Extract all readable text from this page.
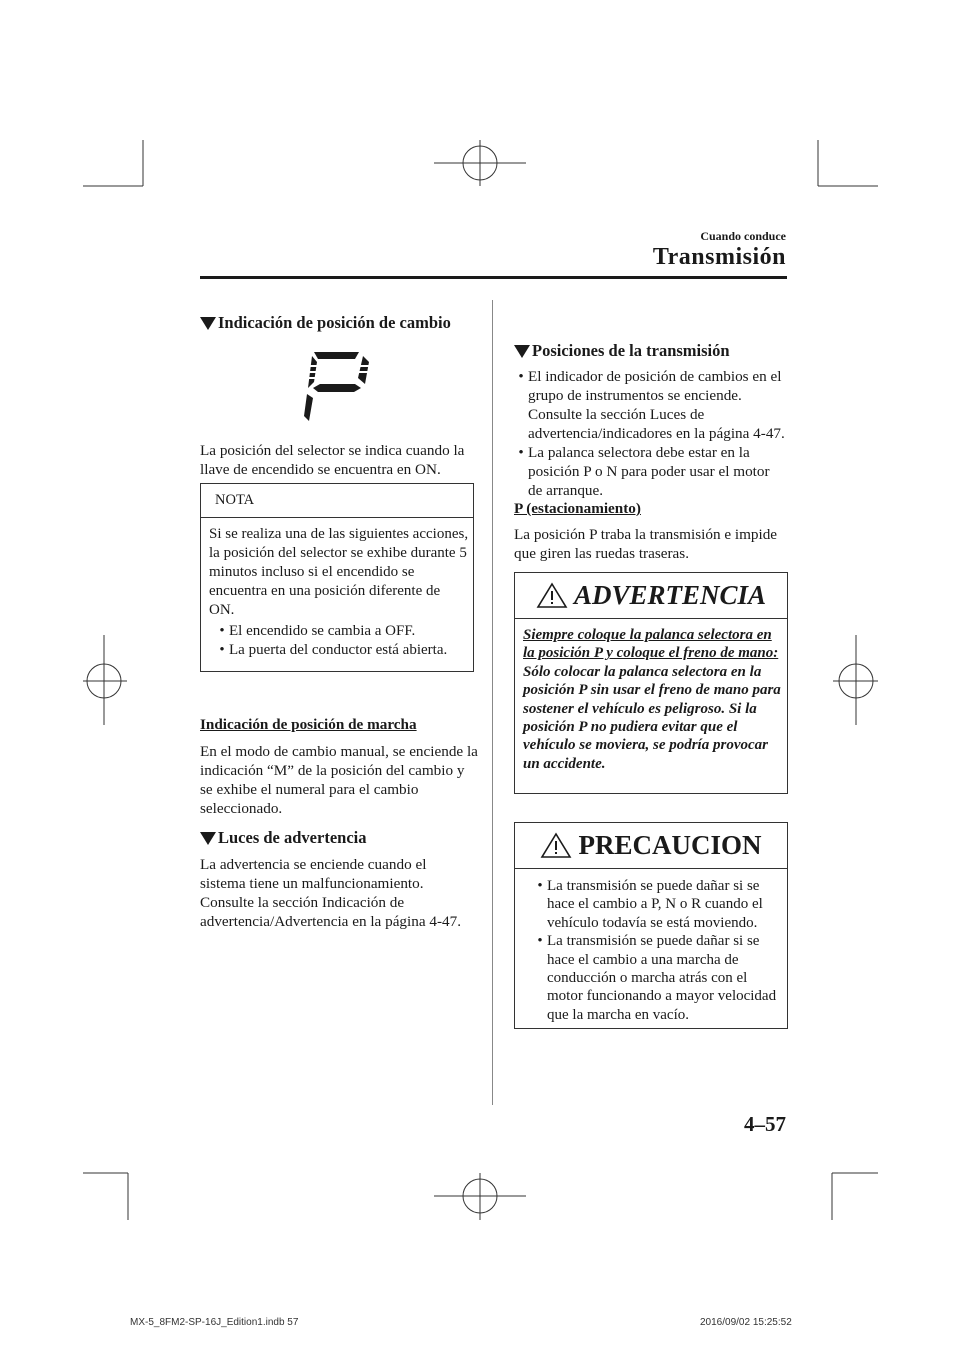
Cuando conduce
Transmisión
Indicación de posición de cambio
La posición del selector se indica cuando la llave de encendido se encuentra en ON.
NOTA
Si se realiza una de las siguientes acciones, la posición del selector se exhibe durante 5 minutos incluso si el encendido se encuentra en una posición diferente de ON.
• El encendido se cambia a OFF.
• La puerta del conductor está abierta.
Indicación de posición de marcha
En el modo de cambio manual, se enciende la indicación “M” de la posición del cambio y se exhibe el numeral para el cambio seleccionado.
Luces de advertencia
La advertencia se enciende cuando el sistema tiene un malfuncionamiento. Consulte la sección Indicación de advertencia/Advertencia en la página 4-47.
Posiciones de la transmisión
• El indicador de posición de cambios en el grupo de instrumentos se enciende. Consulte la sección Luces de advertencia/indicadores en la página 4-47.
• La palanca selectora debe estar en la posición P o N para poder usar el motor de arranque.
P (estacionamiento)
La posición P traba la transmisión e impide que giren las ruedas traseras.
ADVERTENCIA
Siempre coloque la palanca selectora en la posición P y coloque el freno de mano:
Sólo colocar la palanca selectora en la posición P sin usar el freno de mano para sostener el vehículo es peligroso. Si la posición P no pudiera evitar que el vehículo se moviera, se podría provocar un accidente.
PRECAUCION
• La transmisión se puede dañar si se hace el cambio a P, N o R cuando el vehículo todavía se está moviendo.
• La transmisión se puede dañar si se hace el cambio a una marcha de conducción o marcha atrás con el motor funcionando a mayor velocidad que la marcha en vacío.
4–57
MX-5_8FM2-SP-16J_Edition1.indb 57	2016/09/02 15:25:52
